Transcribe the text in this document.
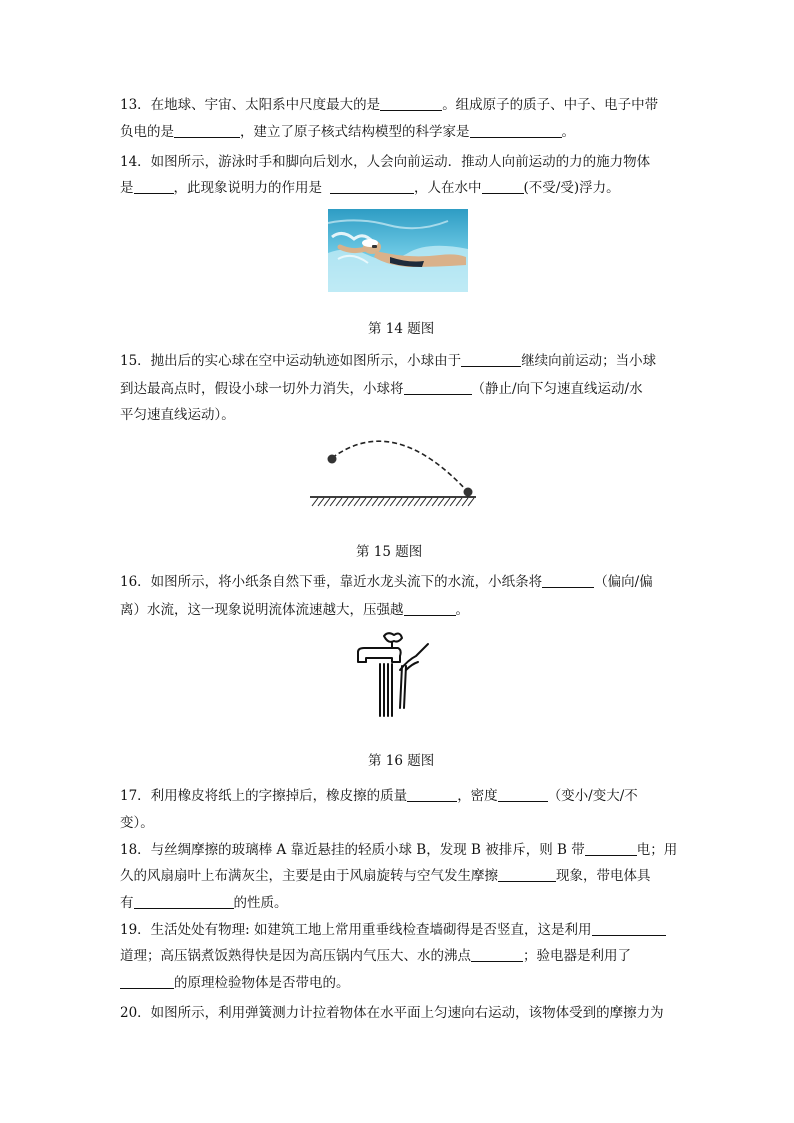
13．在地球、宇宙、太阳系中尺度最大的是	。组成原子的质子、中子、电子中带
负电的是	，建立了原子核式结构模型的科学家是	。
14．如图所示，游泳时手和脚向后划水，人会向前运动．推动人向前运动的力的施力物体
是	，此现象说明力的作用是	，人在水中	(不受/受)浮力。
第 14 题图
15．抛出后的实心球在空中运动轨迹如图所示，小球由于	继续向前运动；当小球
到达最高点时，假设小球一切外力消失，小球将	（静止/向下匀速直线运动/水
平匀速直线运动）。
第 15 题图
16．如图所示，将小纸条自然下垂，靠近水龙头流下的水流，小纸条将	（偏向/偏
离）水流，这一现象说明流体流速越大，压强越	。
第 16 题图
17．利用橡皮将纸上的字擦掉后，橡皮擦的质量	，密度	（变小/变大/不
变）。
18．与丝绸摩擦的玻璃棒 A 靠近悬挂的轻质小球 B，发现 B 被排斥，则 B 带	电；用
久的风扇扇叶上布满灰尘，主要是由于风扇旋转与空气发生摩擦	现象，带电体具
有	的性质。
19．生活处处有物理: 如建筑工地上常用重垂线检查墙砌得是否竖直，这是利用
道理；高压锅煮饭熟得快是因为高压锅内气压大、水的沸点	；验电器是利用了
的原理检验物体是否带电的。
20．如图所示，利用弹簧测力计拉着物体在水平面上匀速向右运动，该物体受到的摩擦力为
